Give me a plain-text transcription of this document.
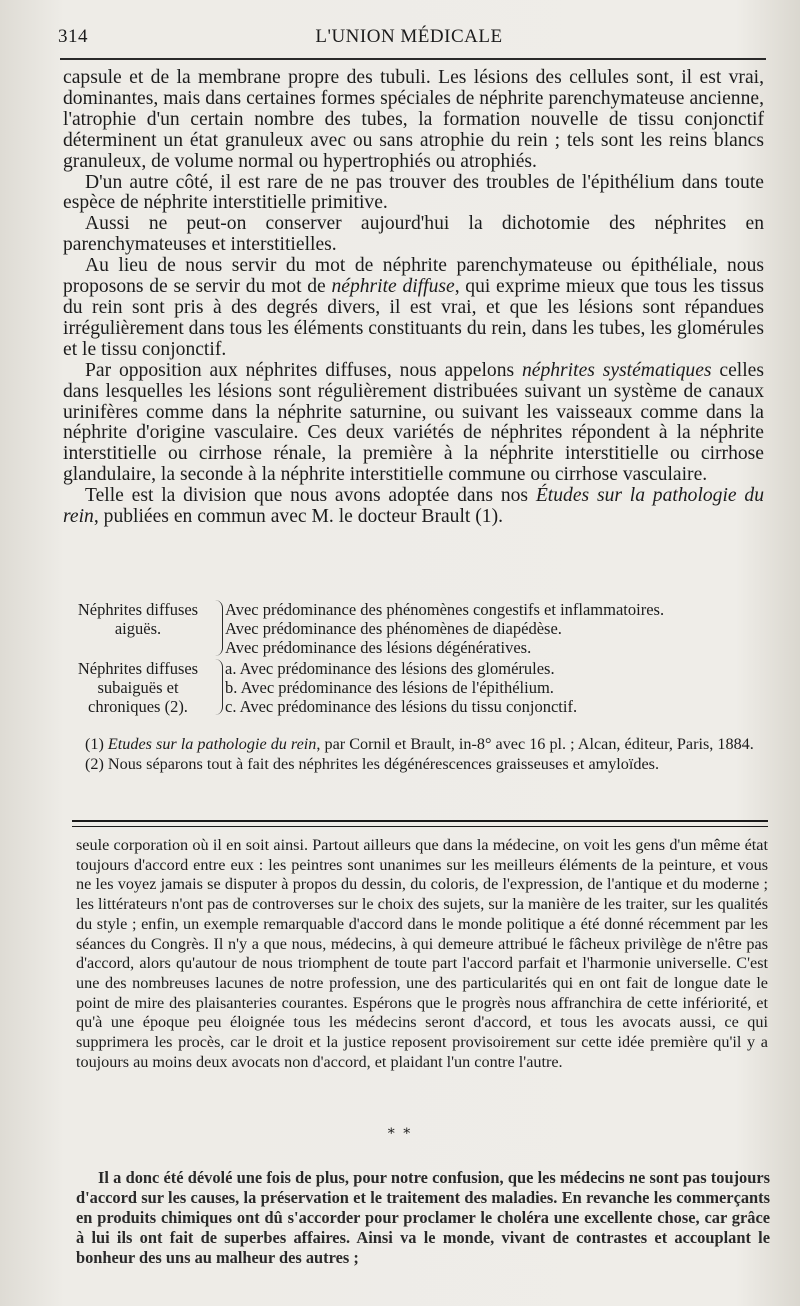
314	L'UNION MÉDICALE

capsule et de la membrane propre des tubuli. Les lésions des cellules sont, il est vrai, dominantes, mais dans certaines formes spéciales de néphrite parenchymateuse ancienne, l'atrophie d'un certain nombre des tubes, la formation nouvelle de tissu conjonctif déterminent un état granuleux avec ou sans atrophie du rein ; tels sont les reins blancs granuleux, de volume normal ou hypertrophiés ou atrophiés.

D'un autre côté, il est rare de ne pas trouver des troubles de l'épithélium dans toute espèce de néphrite interstitielle primitive.

Aussi ne peut-on conserver aujourd'hui la dichotomie des néphrites en parenchymateuses et interstitielles.

Au lieu de nous servir du mot de néphrite parenchymateuse ou épithéliale, nous proposons de se servir du mot de néphrite diffuse, qui exprime mieux que tous les tissus du rein sont pris à des degrés divers, il est vrai, et que les lésions sont répandues irrégulièrement dans tous les éléments constituants du rein, dans les tubes, les glomérules et le tissu conjonctif.

Par opposition aux néphrites diffuses, nous appelons néphrites systématiques celles dans lesquelles les lésions sont régulièrement distribuées suivant un système de canaux urinifères comme dans la néphrite saturnine, ou suivant les vaisseaux comme dans la néphrite d'origine vasculaire. Ces deux variétés de néphrites répondent à la néphrite interstitielle ou cirrhose rénale, la première à la néphrite interstitielle ou cirrhose glandulaire, la seconde à la néphrite interstitielle commune ou cirrhose vasculaire.

Telle est la division que nous avons adoptée dans nos Études sur la pathologie du rein, publiées en commun avec M. le docteur Brault (1).

Néphrites diffuses
aiguës.
Avec prédominance des phénomènes congestifs et inflammatoires.
Avec prédominance des phénomènes de diapédèse.
Avec prédominance des lésions dégénératives.
Néphrites diffuses
subaiguës et
chroniques (2).
a. Avec prédominance des lésions des glomérules.
b. Avec prédominance des lésions de l'épithélium.
c. Avec prédominance des lésions du tissu conjonctif.

(1) Etudes sur la pathologie du rein, par Cornil et Brault, in-8° avec 16 pl. ; Alcan, éditeur, Paris, 1884.

(2) Nous séparons tout à fait des néphrites les dégénérescences graisseuses et amyloïdes.

seule corporation où il en soit ainsi. Partout ailleurs que dans la médecine, on voit les gens d'un même état toujours d'accord entre eux : les peintres sont unanimes sur les meilleurs éléments de la peinture, et vous ne les voyez jamais se disputer à propos du dessin, du coloris, de l'expression, de l'antique et du moderne ; les littérateurs n'ont pas de controverses sur le choix des sujets, sur la manière de les traiter, sur les qualités du style ; enfin, un exemple remarquable d'accord dans le monde politique a été donné récemment par les séances du Congrès. Il n'y a que nous, médecins, à qui demeure attribué le fâcheux privilège de n'être pas d'accord, alors qu'autour de nous triomphent de toute part l'accord parfait et l'harmonie universelle. C'est une des nombreuses lacunes de notre profession, une des particularités qui en ont fait de longue date le point de mire des plaisanteries courantes. Espérons que le progrès nous affranchira de cette infériorité, et qu'à une époque peu éloignée tous les médecins seront d'accord, et tous les avocats aussi, ce qui supprimera les procès, car le droit et la justice reposent provisoirement sur cette idée première qu'il y a toujours au moins deux avocats non d'accord, et plaidant l'un contre l'autre.

* *

Il a donc été dévolé une fois de plus, pour notre confusion, que les médecins ne sont pas toujours d'accord sur les causes, la préservation et le traitement des maladies. En revanche les commerçants en produits chimiques ont dû s'accorder pour proclamer le choléra une excellente chose, car grâce à lui ils ont fait de superbes affaires. Ainsi va le monde, vivant de contrastes et accouplant le bonheur des uns au malheur des autres ;
